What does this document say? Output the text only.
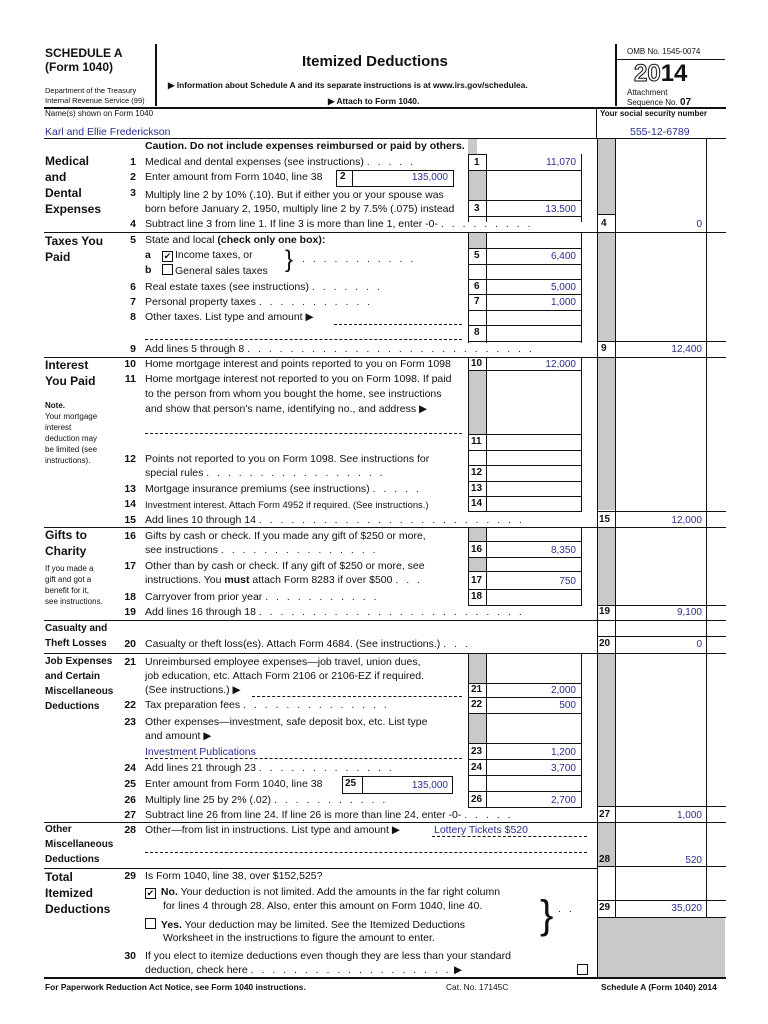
SCHEDULE A
(Form 1040)
Department of the Treasury
Internal Revenue Service (99)
Itemized Deductions
▶ Information about Schedule A and its separate instructions is at www.irs.gov/schedulea.
▶ Attach to Form 1040.
OMB No. 1545-0074
2014
Attachment
Sequence No. 07
Name(s) shown on Form 1040	Your social security number
Karl and Ellie Frederickson	555-12-6789
Medical
and
Dental
Expenses
Taxes You
Paid
Interest
You Paid
Note.
Your mortgage
interest
deduction may
be limited (see
instructions).
Gifts to
Charity
If you made a
gift and got a
benefit for it,
see instructions.
Casualty and
Theft Losses
Job Expenses
and Certain
Miscellaneous
Deductions
Other
Miscellaneous
Deductions
Total
Itemized
Deductions
Caution. Do not include expenses reimbursed or paid by others.
1 Medical and dental expenses (see instructions) . . . . .	1	11,070
2 Enter amount from Form 1040, line 38 2	135,000
3 Multiply line 2 by 10% (.10). But if either you or your spouse was
born before January 2, 1950, multiply line 2 by 7.5% (.075) instead 3	13,500
4 Subtract line 3 from line 1. If line 3 is more than line 1, enter -0- . . . . . . . . .	4	0
5 State and local (check only one box):
a ✔ Income taxes, or
b	General sales taxes } . . . . . . . . . . .	5	6,400
6 Real estate taxes (see instructions) . . . . . . .	6	5,000
7 Personal property taxes . . . . . . . . . . .	7	1,000
8 Other taxes. List type and amount ▶
8
9 Add lines 5 through 8 . . . . . . . . . . . . . . . . . . . . . . . . . . .	9	12,400
10 Home mortgage interest and points reported to you on Form 1098 10	12,000
11 Home mortgage interest not reported to you on Form 1098. If paid
to the person from whom you bought the home, see instructions
and show that person's name, identifying no., and address ▶
11
12 Points not reported to you on Form 1098. See instructions for
special rules . . . . . . . . . . . . . . . . .	12
13 Mortgage insurance premiums (see instructions) . . . . .	13
14 Investment interest. Attach Form 4952 if required. (See instructions.)	14
15 Add lines 10 through 14 . . . . . . . . . . . . . . . . . . . . . . . . .	15	12,000
16 Gifts by cash or check. If you made any gift of $250 or more,
see instructions . . . . . . . . . . . . . . .	16	8,350
17 Other than by cash or check. If any gift of $250 or more, see
instructions. You must attach Form 8283 if over $500 . . .	17	750
18 Carryover from prior year . . . . . . . . . . .	18
19 Add lines 16 through 18 . . . . . . . . . . . . . . . . . . . . . . . . .	19	9,100
20 Casualty or theft loss(es). Attach Form 4684. (See instructions.) . . .	20	0
21 Unreimbursed employee expenses—job travel, union dues,
job education, etc. Attach Form 2106 or 2106-EZ if required.
(See instructions.) ▶	21	2,000
22 Tax preparation fees . . . . . . . . . . . . . .	22	500
23 Other expenses—investment, safe deposit box, etc. List type
and amount ▶
Investment Publications	23	1,200
24 Add lines 21 through 23 . . . . . . . . . . . . .	24	3,700
25 Enter amount from Form 1040, line 38 25	135,000
26 Multiply line 25 by 2% (.02) . . . . . . . . . . .	26	2,700
27 Subtract line 26 from line 24. If line 26 is more than line 24, enter -0- . . . . .	27	1,000
28 Other—from list in instructions. List type and amount ▶	Lottery Tickets $520
28	520
29 Is Form 1040, line 38, over $152,525?
✔ No. Your deduction is not limited. Add the amounts in the far right column
for lines 4 through 28. Also, enter this amount on Form 1040, line 40.
Yes. Your deduction may be limited. See the Itemized Deductions
Worksheet in the instructions to figure the amount to enter.
} . . 29	35,020
30 If you elect to itemize deductions even though they are less than your standard
deduction, check here . . . . . . . . . . . . . . . . . . . ▶
For Paperwork Reduction Act Notice, see Form 1040 instructions.	Cat. No. 17145C	Schedule A (Form 1040) 2014
